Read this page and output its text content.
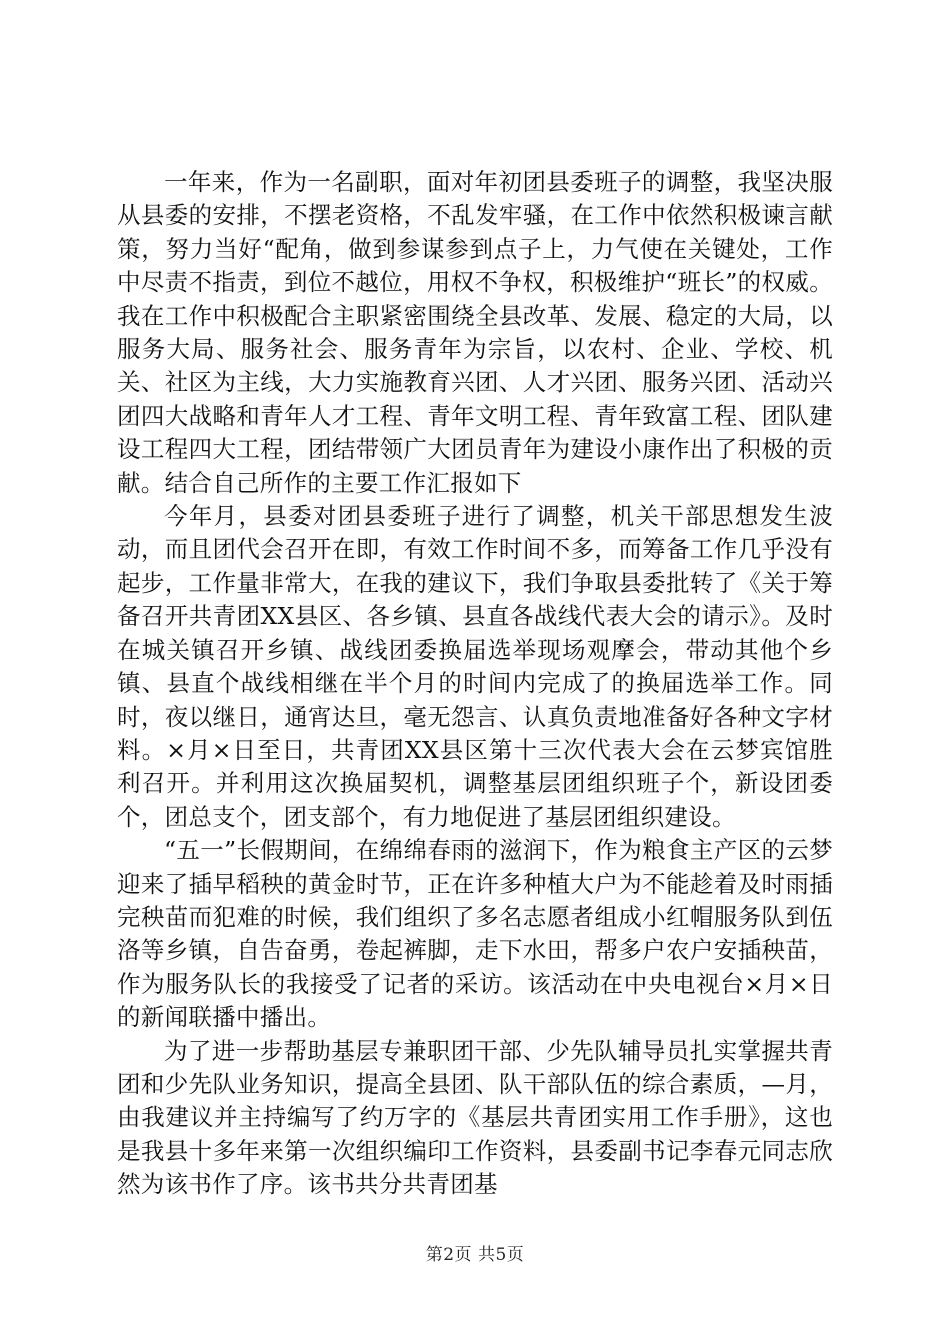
一年来，作为一名副职，面对年初团县委班子的调整，我坚决服从县委的安排，不摆老资格，不乱发牢骚，在工作中依然积极谏言献策，努力当好“配角，做到参谋参到点子上，力气使在关键处，工作中尽责不指责，到位不越位，用权不争权，积极维护“班长”的权威。我在工作中积极配合主职紧密围绕全县改革、发展、稳定的大局，以服务大局、服务社会、服务青年为宗旨，以农村、企业、学校、机关、社区为主线，大力实施教育兴团、人才兴团、服务兴团、活动兴团四大战略和青年人才工程、青年文明工程、青年致富工程、团队建设工程四大工程，团结带领广大团员青年为建设小康作出了积极的贡献。结合自己所作的主要工作汇报如下

今年月，县委对团县委班子进行了调整，机关干部思想发生波动，而且团代会召开在即，有效工作时间不多，而筹备工作几乎没有起步，工作量非常大，在我的建议下，我们争取县委批转了《关于筹备召开共青团XX县区、各乡镇、县直各战线代表大会的请示》。及时在城关镇召开乡镇、战线团委换届选举现场观摩会，带动其他个乡镇、县直个战线相继在半个月的时间内完成了的换届选举工作。同时，夜以继日，通宵达旦，毫无怨言、认真负责地准备好各种文字材料。×月×日至日，共青团XX县区第十三次代表大会在云梦宾馆胜利召开。并利用这次换届契机，调整基层团组织班子个，新设团委个，团总支个，团支部个，有力地促进了基层团组织建设。

“五一”长假期间，在绵绵春雨的滋润下，作为粮食主产区的云梦迎来了插早稻秧的黄金时节，正在许多种植大户为不能趁着及时雨插完秧苗而犯难的时候，我们组织了多名志愿者组成小红帽服务队到伍洛等乡镇，自告奋勇，卷起裤脚，走下水田，帮多户农户安插秧苗，作为服务队长的我接受了记者的采访。该活动在中央电视台×月×日的新闻联播中播出。

为了进一步帮助基层专兼职团干部、少先队辅导员扎实掌握共青团和少先队业务知识，提高全县团、队干部队伍的综合素质，—月，由我建议并主持编写了约万字的《基层共青团实用工作手册》，这也是我县十多年来第一次组织编印工作资料，县委副书记李春元同志欣然为该书作了序。该书共分共青团基

第2页 共5页
